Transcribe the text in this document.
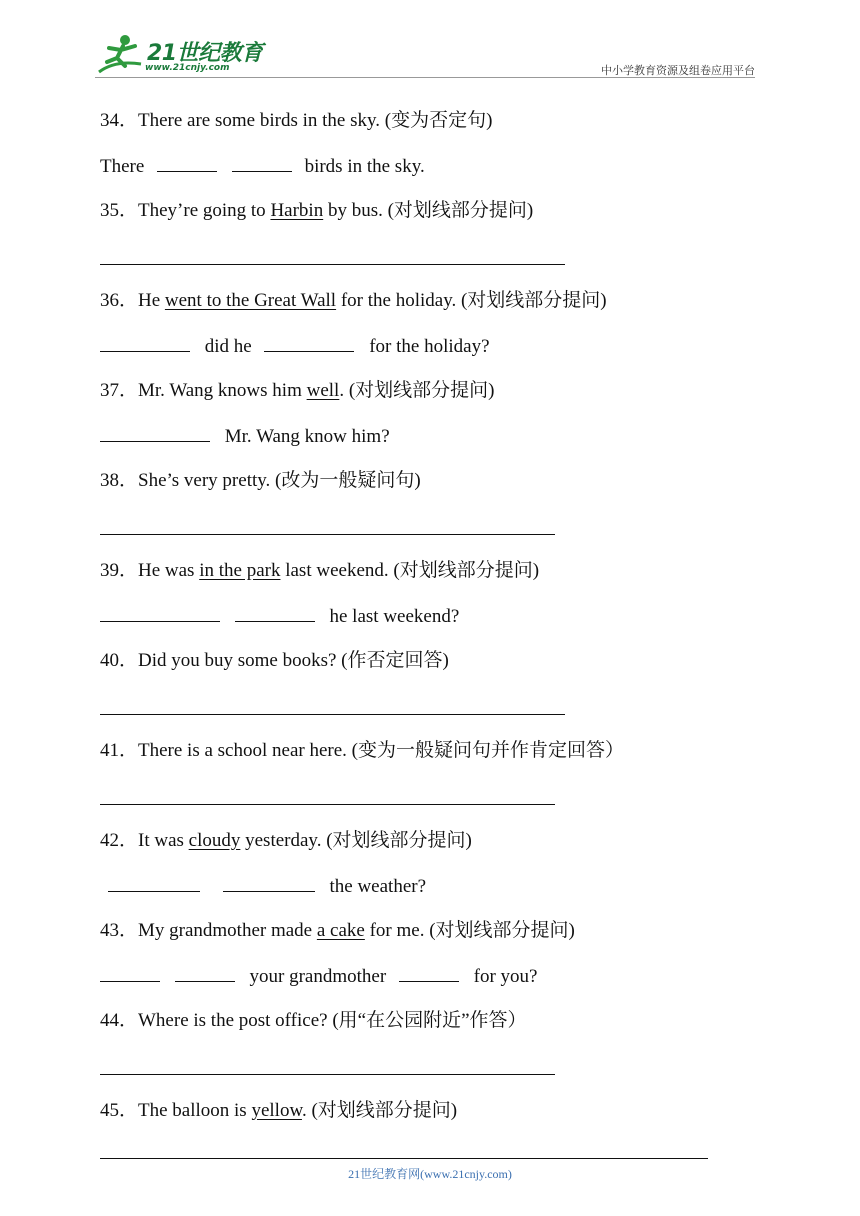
21世纪教育
www.21cnjy.com	中小学教育资源及组卷应用平台
34．There are some birds in the sky. (变为否定句)
There	birds in the sky.
35．They’re going to Harbin by bus. (对划线部分提问)
36．He went to the Great Wall for the holiday. (对划线部分提问)
did he	for the holiday?
37．Mr. Wang knows him well. (对划线部分提问)
Mr. Wang know him?
38．She’s very pretty. (改为一般疑问句)
39．He was in the park last weekend. (对划线部分提问)
he last weekend?
40．Did you buy some books? (作否定回答)
41．There is a school near here. (变为一般疑问句并作肯定回答）
42．It was cloudy yesterday. (对划线部分提问)
the weather?
43．My grandmother made a cake for me. (对划线部分提问)
your grandmother	for you?
44．Where is the post office? (用“在公园附近”作答）
45．The balloon is yellow. (对划线部分提问)
21世纪教育网(www.21cnjy.com)
